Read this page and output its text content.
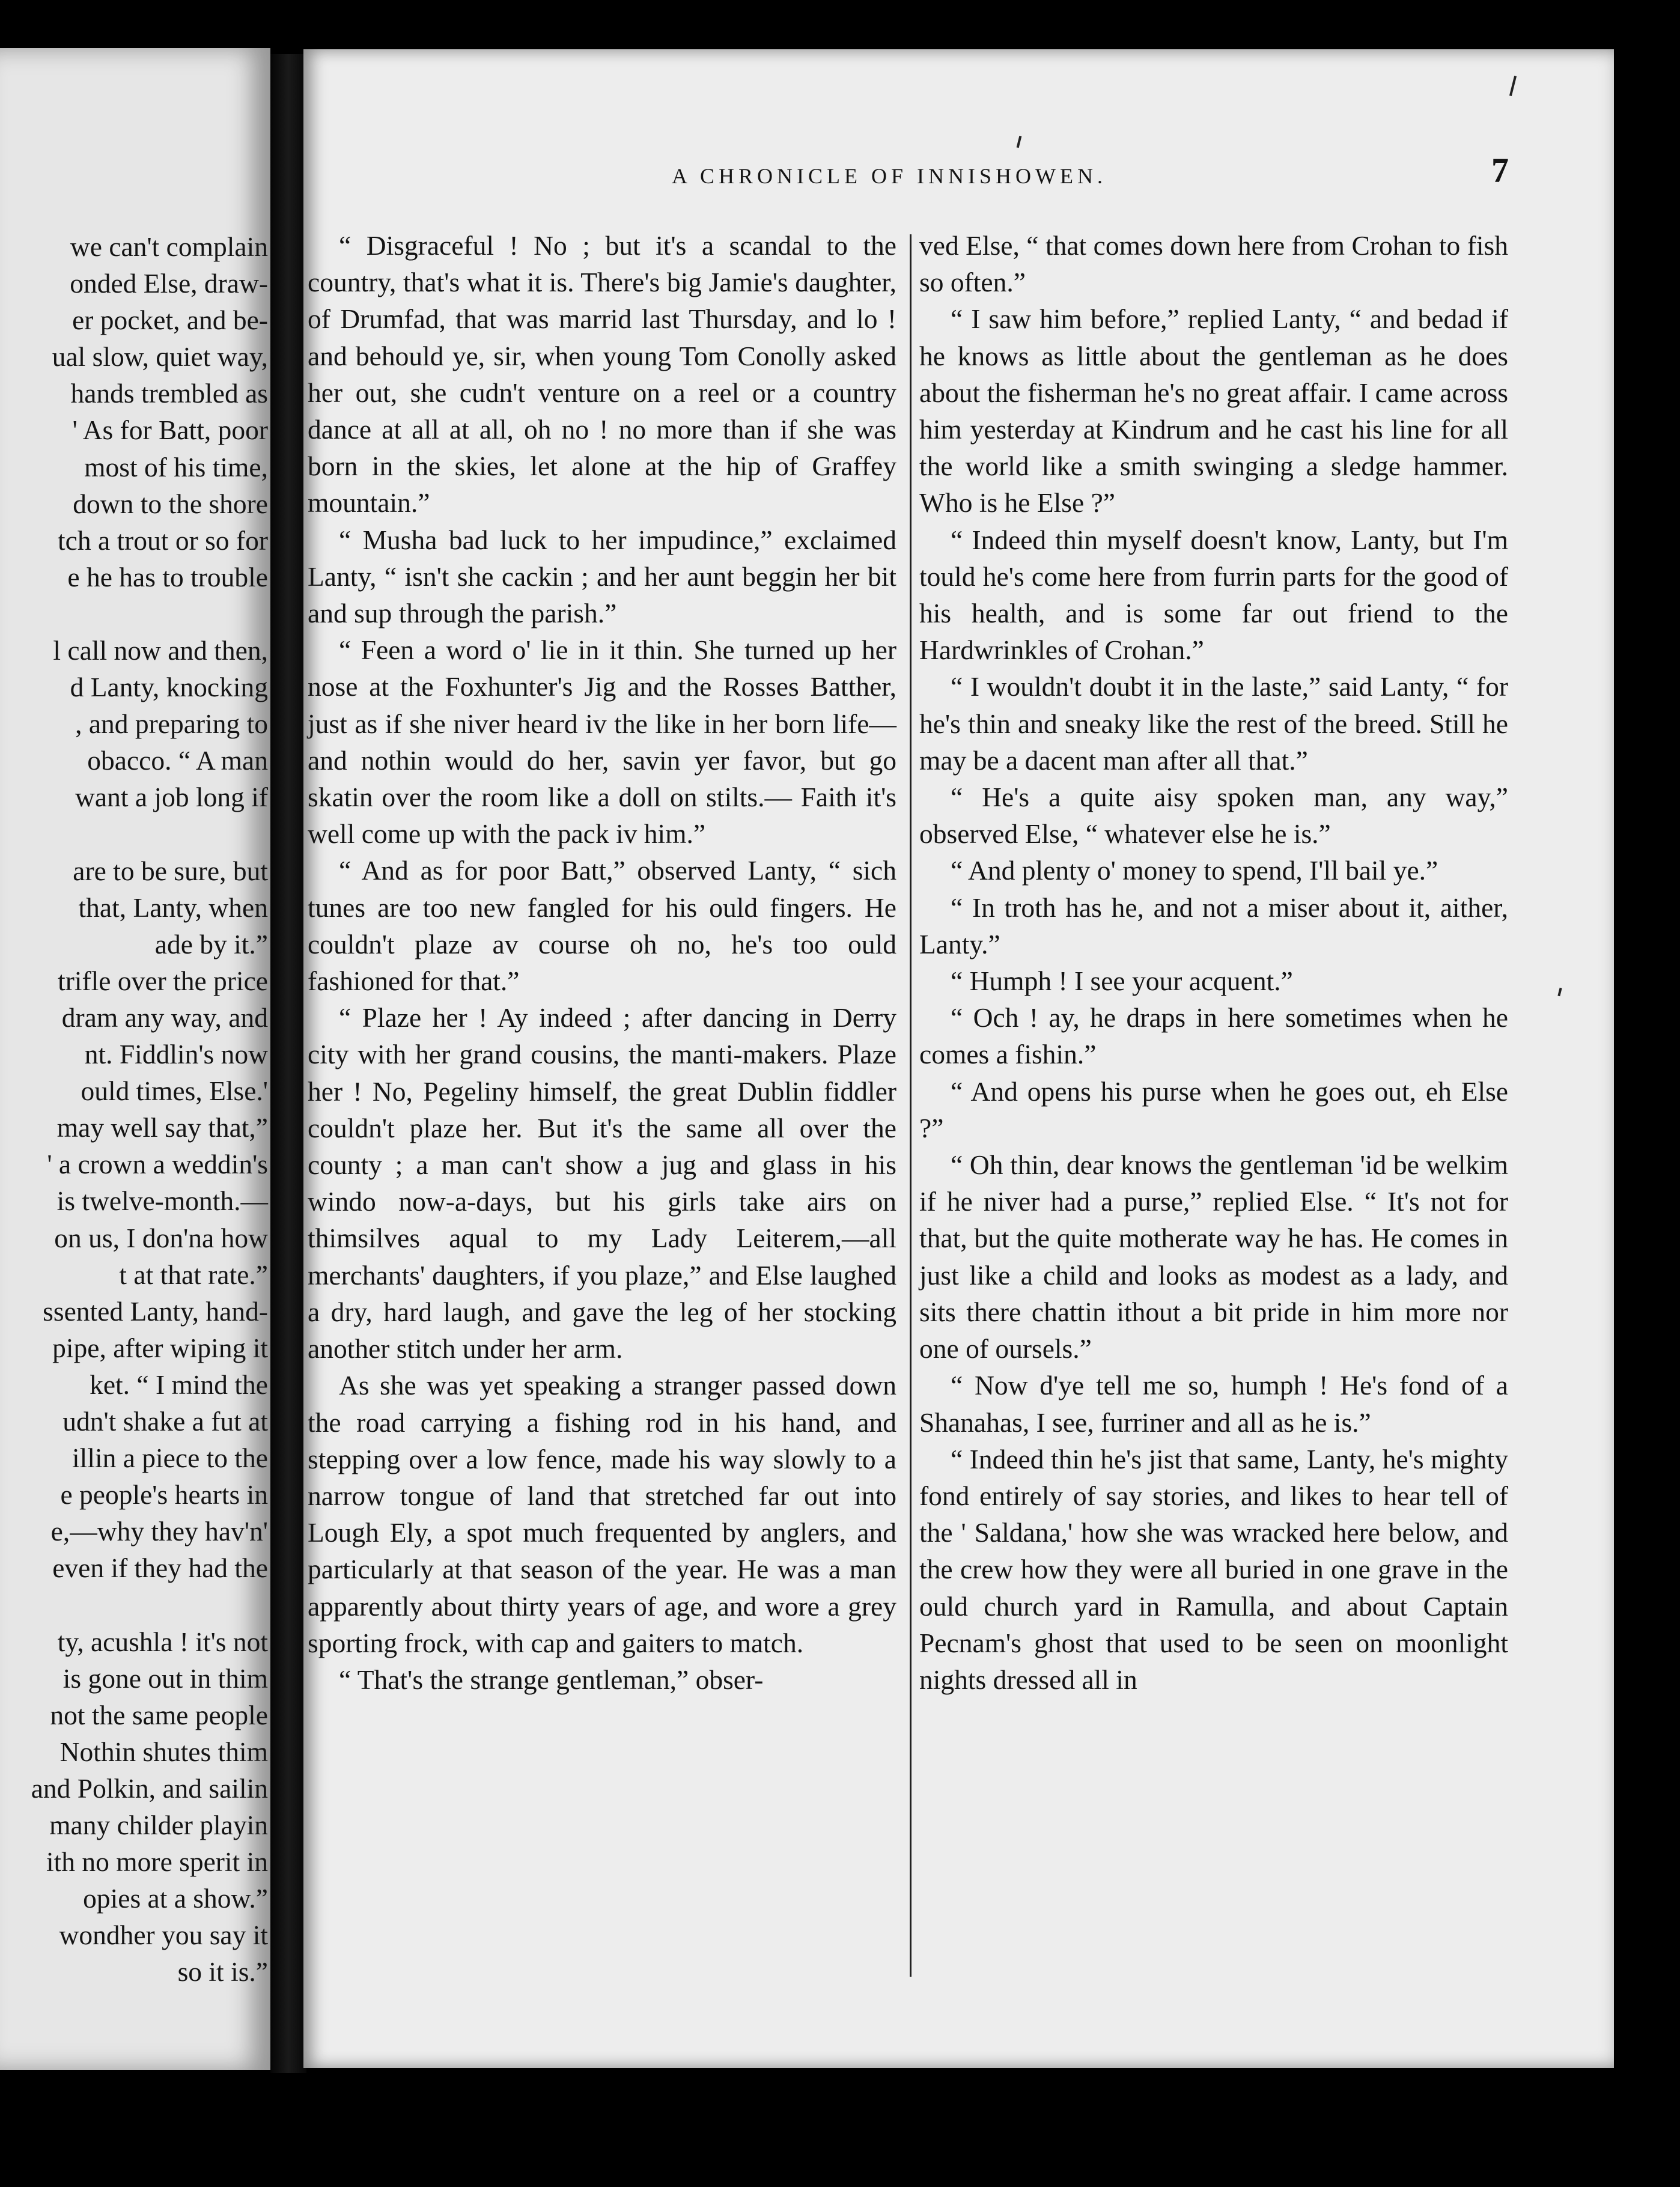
we can't complain
onded Else, draw-
er pocket, and be-
ual slow, quiet way,
hands trembled as
' As for Batt, poor
most of his time,
down to the shore
tch a trout or so for
e he has to trouble
l call now and then,
d Lanty, knocking
, and preparing to
obacco. “ A man
want a job long if
are to be sure, but
that, Lanty, when
ade by it.”
trifle over the price
dram any way, and
nt. Fiddlin's now
ould times, Else.'
may well say that,”
' a crown a weddin's
is twelve-month.—
on us, I don'na how
t at that rate.”
ssented Lanty, hand-
pipe, after wiping it
ket. “ I mind the
udn't shake a fut at
illin a piece to the
e people's hearts in
e,—why they hav'n'
even if they had the
ty, acushla ! it's not
is gone out in thim
not the same people
Nothin shutes thim
and Polkin, and sailin
many childer playin
ith no more sperit in
opies at a show.”
wondher you say it
so it is.”
A CHRONICLE OF INNISHOWEN.	7

“ Disgraceful ! No ; but it's a scandal to the country, that's what it is. There's big Jamie's daughter, of Drumfad, that was marrid last Thursday, and lo ! and behould ye, sir, when young Tom Conolly asked her out, she cudn't venture on a reel or a country dance at all at all, oh no ! no more than if she was born in the skies, let alone at the hip of Graffey mountain.”

“ Musha bad luck to her impudince,” exclaimed Lanty, “ isn't she cackin ; and her aunt beggin her bit and sup through the parish.”

“ Feen a word o' lie in it thin. She turned up her nose at the Foxhunter's Jig and the Rosses Batther, just as if she niver heard iv the like in her born life—and nothin would do her, savin yer favor, but go skatin over the room like a doll on stilts.— Faith it's well come up with the pack iv him.”

“ And as for poor Batt,” observed Lanty, “ sich tunes are too new fangled for his ould fingers. He couldn't plaze av course oh no, he's too ould fashioned for that.”

“ Plaze her ! Ay indeed ; after dancing in Derry city with her grand cousins, the manti-makers. Plaze her ! No, Pegeliny himself, the great Dublin fiddler couldn't plaze her. But it's the same all over the county ; a man can't show a jug and glass in his windo now-a-days, but his girls take airs on thimsilves aqual to my Lady Leiterem,—all merchants' daughters, if you plaze,” and Else laughed a dry, hard laugh, and gave the leg of her stocking another stitch under her arm.

As she was yet speaking a stranger passed down the road carrying a fishing rod in his hand, and stepping over a low fence, made his way slowly to a narrow tongue of land that stretched far out into Lough Ely, a spot much frequented by anglers, and particularly at that season of the year. He was a man apparently about thirty years of age, and wore a grey sporting frock, with cap and gaiters to match.

“ That's the strange gentleman,” obser-

ved Else, “ that comes down here from Crohan to fish so often.”

“ I saw him before,” replied Lanty, “ and bedad if he knows as little about the gentleman as he does about the fisherman he's no great affair. I came across him yesterday at Kindrum and he cast his line for all the world like a smith swinging a sledge hammer. Who is he Else ?”

“ Indeed thin myself doesn't know, Lanty, but I'm tould he's come here from furrin parts for the good of his health, and is some far out friend to the Hardwrinkles of Crohan.”

“ I wouldn't doubt it in the laste,” said Lanty, “ for he's thin and sneaky like the rest of the breed. Still he may be a dacent man after all that.”

“ He's a quite aisy spoken man, any way,” observed Else, “ whatever else he is.”

“ And plenty o' money to spend, I'll bail ye.”

“ In troth has he, and not a miser about it, aither, Lanty.”

“ Humph ! I see your acquent.”

“ Och ! ay, he draps in here sometimes when he comes a fishin.”

“ And opens his purse when he goes out, eh Else ?”

“ Oh thin, dear knows the gentleman 'id be welkim if he niver had a purse,” replied Else. “ It's not for that, but the quite motherate way he has. He comes in just like a child and looks as modest as a lady, and sits there chattin ithout a bit pride in him more nor one of oursels.”

“ Now d'ye tell me so, humph ! He's fond of a Shanahas, I see, furriner and all as he is.”

“ Indeed thin he's jist that same, Lanty, he's mighty fond entirely of say stories, and likes to hear tell of the ' Saldana,' how she was wracked here below, and the crew how they were all buried in one grave in the ould church yard in Ramulla, and about Captain Pecnam's ghost that used to be seen on moonlight nights dressed all in
